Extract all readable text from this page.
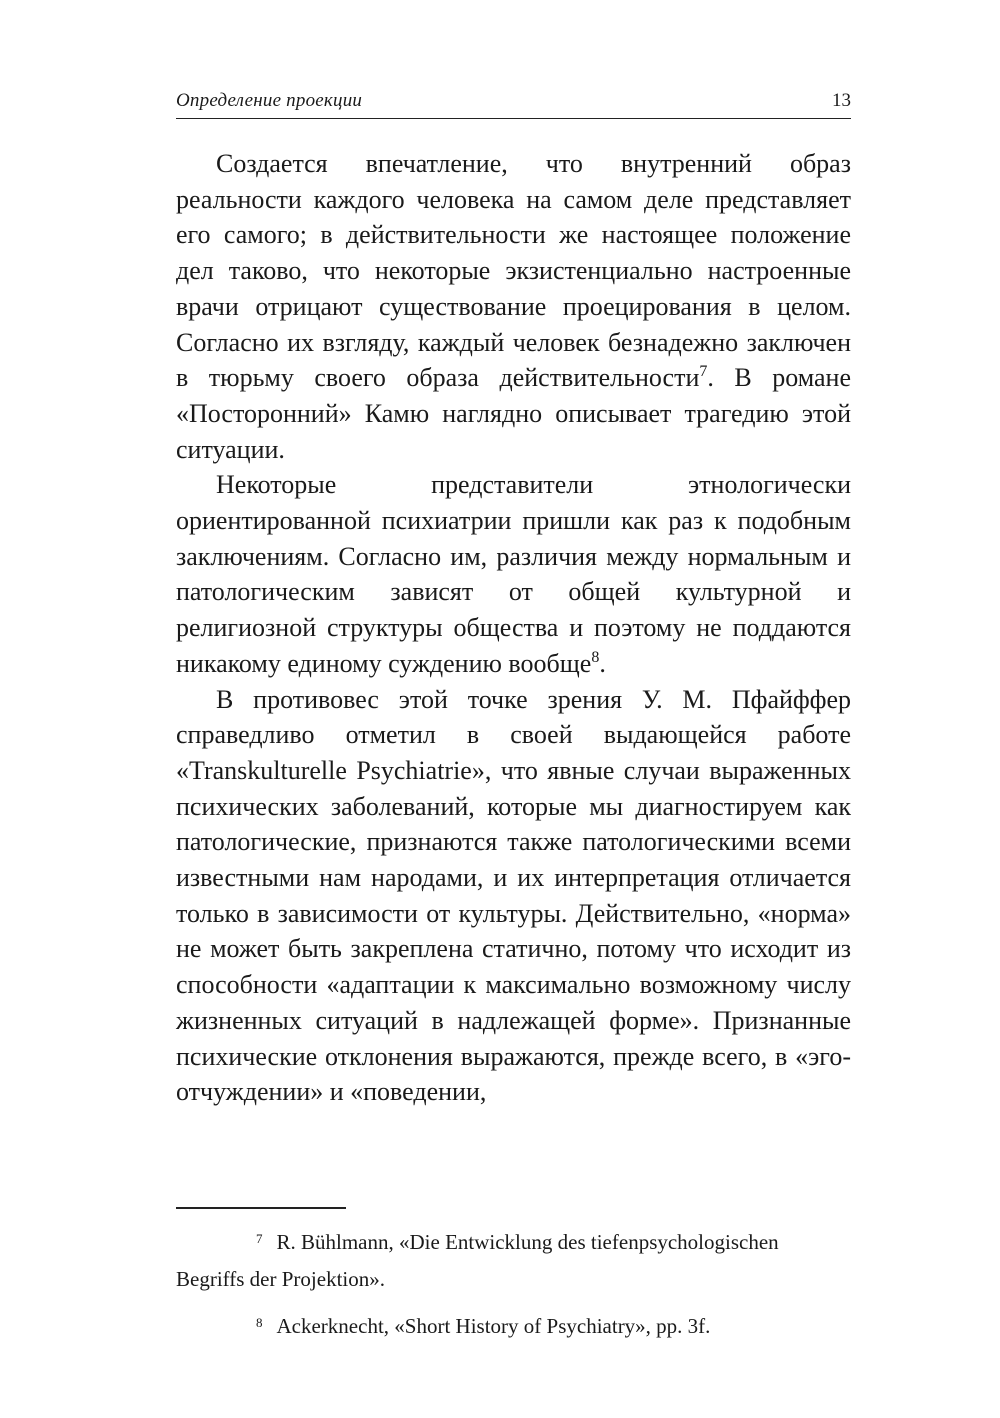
Определение проекции	13

Создается впечатление, что внутренний образ реальности каждого человека на самом деле представляет его самого; в действительности же настоящее положение дел таково, что некоторые экзистенциально настроенные врачи отрицают существование проецирования в целом. Согласно их взгляду, каждый человек безнадежно заключен в тюрьму своего образа действительности$^7$. В романе «Посторонний» Камю наглядно описывает трагедию этой ситуации.

Некоторые представители этнологически ориентированной психиатрии пришли как раз к подобным заключениям. Согласно им, различия между нормальным и патологическим зависят от общей культурной и религиозной структуры общества и поэтому не поддаются никакому единому суждению вообще$^8$.

В противовес этой точке зрения У. М. Пфайффер справедливо отметил в своей выдающейся работе «Transkulturelle Psychiatrie», что явные случаи выраженных психических заболеваний, которые мы диагностируем как патологические, признаются также патологическими всеми известными нам народами, и их интерпретация отличается только в зависимости от культуры. Действительно, «норма» не может быть закреплена статично, потому что исходит из способности «адаптации к максимально возможному числу жизненных ситуаций в надлежащей форме». Признанные психические отклонения выражаются, прежде всего, в «эго-отчуждении» и «поведении,

7 R. Bühlmann, «Die Entwicklung des tiefenpsychologischen Begriffs der Projektion».

8 Ackerknecht, «Short History of Psychiatry», pp. 3f.
